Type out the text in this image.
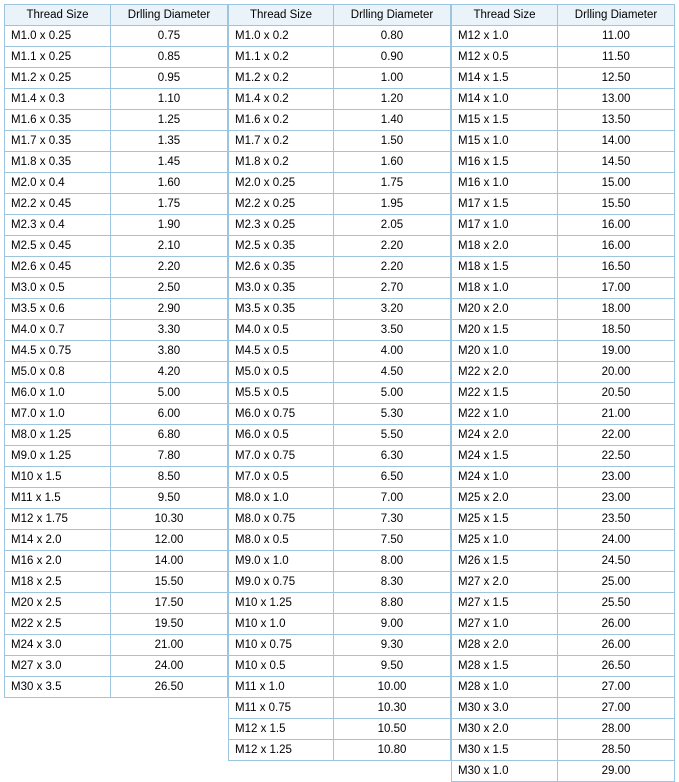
Thread Size	Drlling Diameter
M1.0 x 0.25	0.75
M1.1 x 0.25	0.85
M1.2 x 0.25	0.95
M1.4 x 0.3	1.10
M1.6 x 0.35	1.25
M1.7 x 0.35	1.35
M1.8 x 0.35	1.45
M2.0 x 0.4	1.60
M2.2 x 0.45	1.75
M2.3 x 0.4	1.90
M2.5 x 0.45	2.10
M2.6 x 0.45	2.20
M3.0 x 0.5	2.50
M3.5 x 0.6	2.90
M4.0 x 0.7	3.30
M4.5 x 0.75	3.80
M5.0 x 0.8	4.20
M6.0 x 1.0	5.00
M7.0 x 1.0	6.00
M8.0 x 1.25	6.80
M9.0 x 1.25	7.80
M10 x 1.5	8.50
M11 x 1.5	9.50
M12 x 1.75	10.30
M14 x 2.0	12.00
M16 x 2.0	14.00
M18 x 2.5	15.50
M20 x 2.5	17.50
M22 x 2.5	19.50
M24 x 3.0	21.00
M27 x 3.0	24.00
M30 x 3.5	26.50
Thread Size	Drlling Diameter
M1.0 x 0.2	0.80
M1.1 x 0.2	0.90
M1.2 x 0.2	1.00
M1.4 x 0.2	1.20
M1.6 x 0.2	1.40
M1.7 x 0.2	1.50
M1.8 x 0.2	1.60
M2.0 x 0.25	1.75
M2.2 x 0.25	1.95
M2.3 x 0.25	2.05
M2.5 x 0.35	2.20
M2.6 x 0.35	2.20
M3.0 x 0.35	2.70
M3.5 x 0.35	3.20
M4.0 x 0.5	3.50
M4.5 x 0.5	4.00
M5.0 x 0.5	4.50
M5.5 x 0.5	5.00
M6.0 x 0.75	5.30
M6.0 x 0.5	5.50
M7.0 x 0.75	6.30
M7.0 x 0.5	6.50
M8.0 x 1.0	7.00
M8.0 x 0.75	7.30
M8.0 x 0.5	7.50
M9.0 x 1.0	8.00
M9.0 x 0.75	8.30
M10 x 1.25	8.80
M10 x 1.0	9.00
M10 x 0.75	9.30
M10 x 0.5	9.50
M11 x 1.0	10.00
M11 x 0.75	10.30
M12 x 1.5	10.50
M12 x 1.25	10.80
Thread Size	Drlling Diameter
M12 x 1.0	11.00
M12 x 0.5	11.50
M14 x 1.5	12.50
M14 x 1.0	13.00
M15 x 1.5	13.50
M15 x 1.0	14.00
M16 x 1.5	14.50
M16 x 1.0	15.00
M17 x 1.5	15.50
M17 x 1.0	16.00
M18 x 2.0	16.00
M18 x 1.5	16.50
M18 x 1.0	17.00
M20 x 2.0	18.00
M20 x 1.5	18.50
M20 x 1.0	19.00
M22 x 2.0	20.00
M22 x 1.5	20.50
M22 x 1.0	21.00
M24 x 2.0	22.00
M24 x 1.5	22.50
M24 x 1.0	23.00
M25 x 2.0	23.00
M25 x 1.5	23.50
M25 x 1.0	24.00
M26 x 1.5	24.50
M27 x 2.0	25.00
M27 x 1.5	25.50
M27 x 1.0	26.00
M28 x 2.0	26.00
M28 x 1.5	26.50
M28 x 1.0	27.00
M30 x 3.0	27.00
M30 x 2.0	28.00
M30 x 1.5	28.50
M30 x 1.0	29.00
